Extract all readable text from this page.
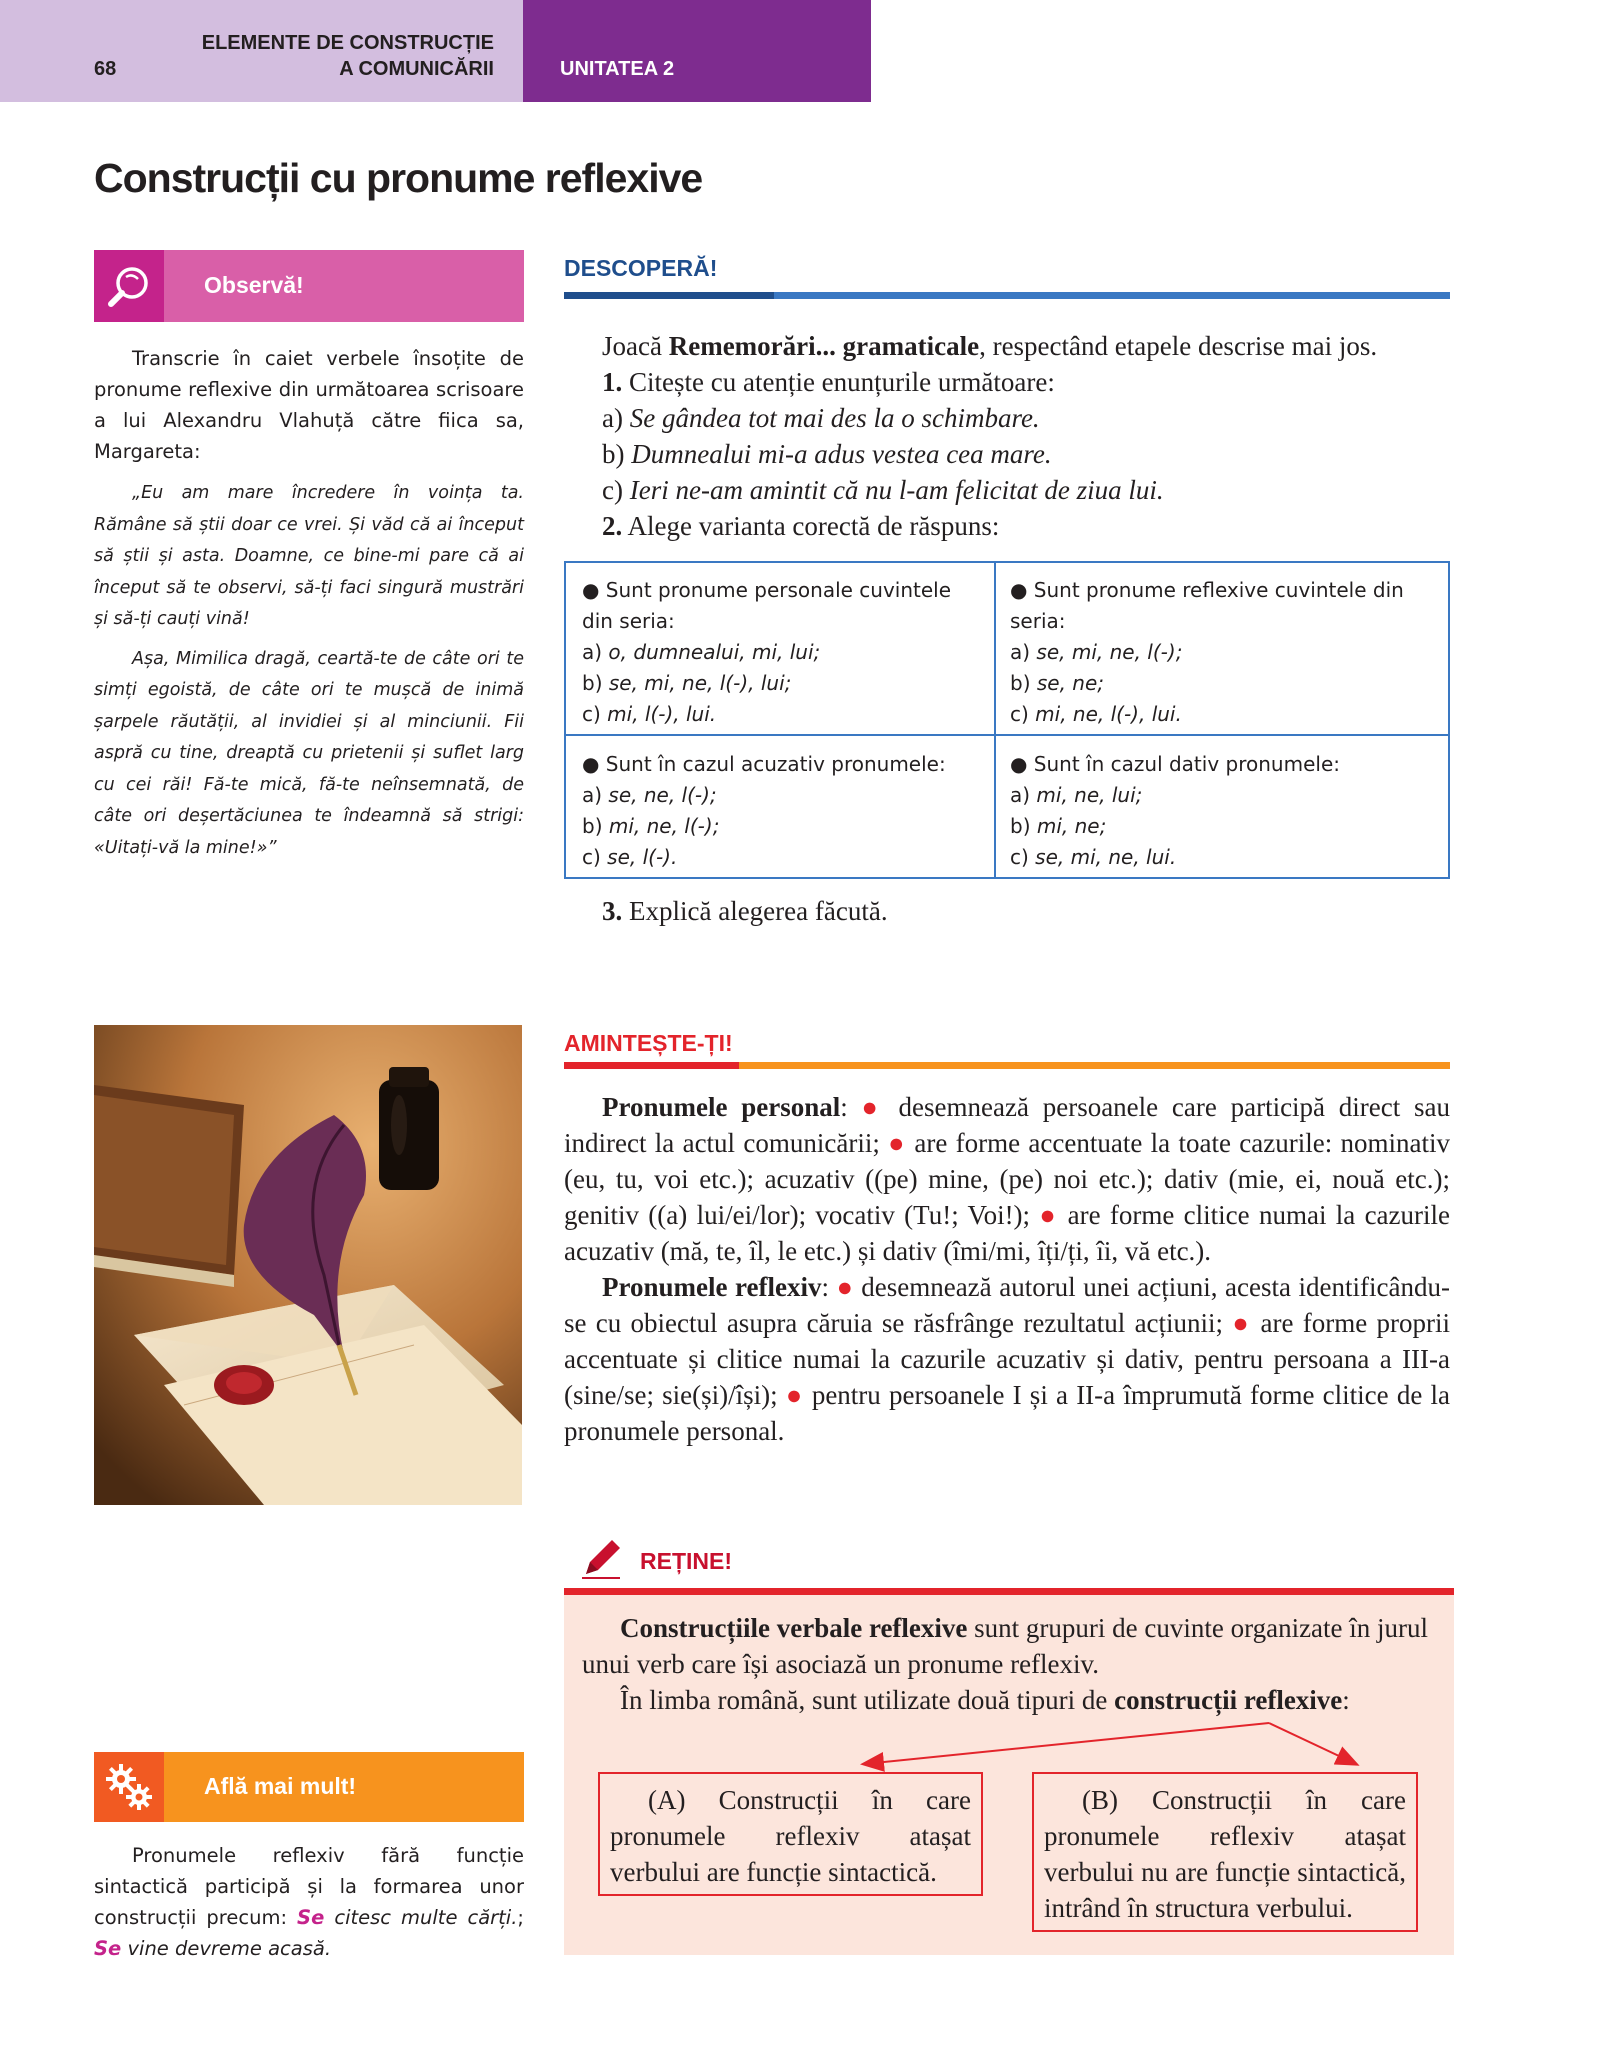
68
ELEMENTE DE CONSTRUCȚIE
A COMUNICĂRII	UNITATEA 2
Construcții cu pronume reflexive
Observă!

Transcrie în caiet verbele însoțite de pronume reflexive din următoarea scrisoare a lui Alexandru Vlahuță către fiica sa, Margareta:

„Eu am mare încredere în voința ta. Rămâne să știi doar ce vrei. Și văd că ai început să știi și asta. Doamne, ce bine-mi pare că ai început să te observi, să-ți faci singură mustrări și să-ți cauți vină!

Așa, Mimilica dragă, ceartă-te de câte ori te simți egoistă, de câte ori te mușcă de inimă șarpele răutății, al invidiei și al minciunii. Fii aspră cu tine, dreaptă cu prietenii și suflet larg cu cei răi! Fă-te mică, fă-te neînsemnată, de câte ori deșertăciunea te îndeamnă să strigi: «Uitați-vă la mine!»”

DESCOPERĂ!
Joacă Rememorări... gramaticale, respectând etapele descrise mai jos.
1. Citește cu atenție enunțurile următoare:
a) Se gândea tot mai des la o schimbare.
b) Dumnealui mi-a adus vestea cea mare.
c) Ieri ne-am amintit că nu l-am felicitat de ziua lui.
2. Alege varianta corectă de răspuns:
● Sunt pronume personale cuvintele din seria:
a) o, dumnealui, mi, lui;
b) se, mi, ne, l(-), lui;
c) mi, l(-), lui.
● Sunt pronume reflexive cuvintele din seria:
a) se, mi, ne, l(-);
b) se, ne;
c) mi, ne, l(-), lui.
● Sunt în cazul acuzativ pronumele:
a) se, ne, l(-);
b) mi, ne, l(-);
c) se, l(-).
● Sunt în cazul dativ pronumele:
a) mi, ne, lui;
b) mi, ne;
c) se, mi, ne, lui.
3. Explică alegerea făcută.
AMINTEȘTE-ȚI!

Pronumele personal: ● desemnează persoanele care participă direct sau indirect la actul comunicării; ● are forme accentuate la toate cazurile: nominativ (eu, tu, voi etc.); acuzativ ((pe) mine, (pe) noi etc.); dativ (mie, ei, nouă etc.); genitiv ((a) lui/ei/lor); vocativ (Tu!; Voi!); ● are forme clitice numai la cazurile acuzativ (mă, te, îl, le etc.) și dativ (îmi/mi, îți/ți, îi, vă etc.).

Pronumele reflexiv: ● desemnează autorul unei acțiuni, acesta identificându-se cu obiectul asupra căruia se răsfrânge rezultatul acțiunii; ● are forme proprii accentuate și clitice numai la cazurile acuzativ și dativ, pentru persoana a III-a (sine/se; sie(și)/își); ● pentru persoanele I și a II-a împrumută forme clitice de la pronumele personal.

REȚINE!

Construcțiile verbale reflexive sunt grupuri de cuvinte organizate în jurul unui verb care își asociază un pronume reflexiv.

În limba română, sunt utilizate două tipuri de construcții reflexive:

(A) Construcții în care pronumele reflexiv atașat verbului are funcție sintactică.

(B) Construcții în care pronumele reflexiv atașat verbului nu are funcție sintactică, intrând în structura verbului.

Află mai mult!

Pronumele reflexiv fără funcție sintactică participă și la formarea unor construcții precum: Se citesc multe cărți.; Se vine devreme acasă.
